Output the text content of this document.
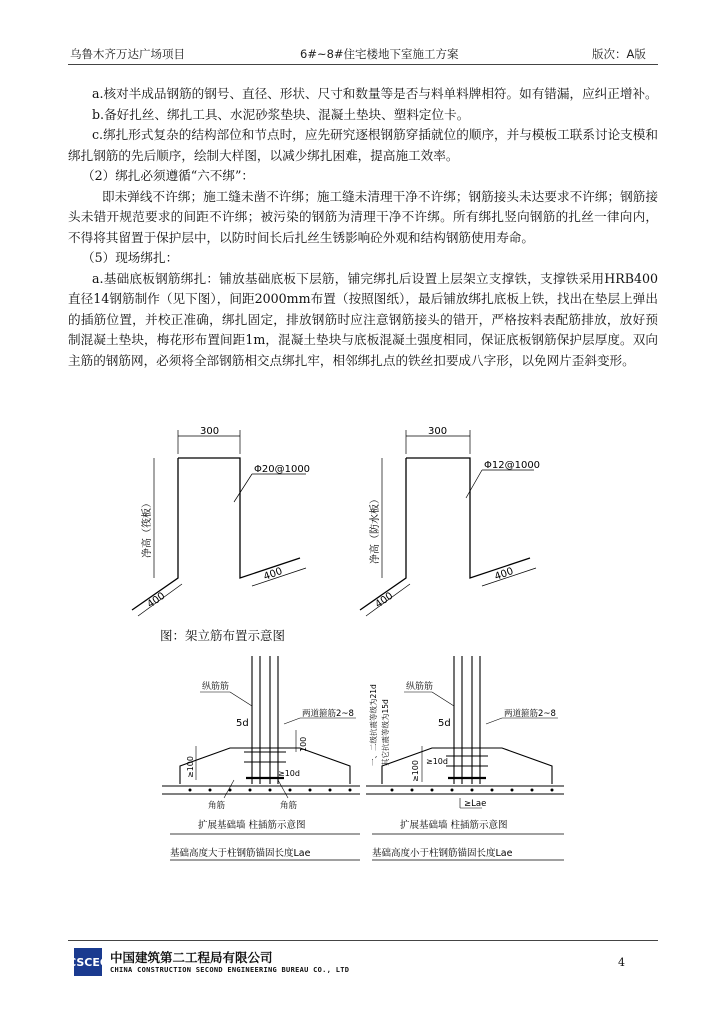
乌鲁木齐万达广场项目	6#~8#住宅楼地下室施工方案	版次：A版

a.核对半成品钢筋的钢号、直径、形状、尺寸和数量等是否与料单料牌相符。如有错漏，应纠正增补。

b.备好扎丝、绑扎工具、水泥砂浆垫块、混凝土垫块、塑料定位卡。

c.绑扎形式复杂的结构部位和节点时，应先研究逐根钢筋穿插就位的顺序，并与模板工联系讨论支模和绑扎钢筋的先后顺序，绘制大样图，以减少绑扎困难，提高施工效率。

（2）绑扎必须遵循“六不绑”：

即未弹线不许绑；施工缝未凿不许绑；施工缝未清理干净不许绑；钢筋接头未达要求不许绑；钢筋接头未错开规范要求的间距不许绑；被污染的钢筋为清理干净不许绑。所有绑扎竖向钢筋的扎丝一律向内，不得将其留置于保护层中，以防时间长后扎丝生锈影响砼外观和结构钢筋使用寿命。

（5）现场绑扎：

a.基础底板钢筋绑扎：铺放基础底板下层筋，铺完绑扎后设置上层架立支撑铁，支撑铁采用HRB400直径14钢筋制作（见下图），间距2000mm布置（按照图纸），最后铺放绑扎底板上铁，找出在垫层上弹出的插筋位置，并校正准确，绑扎固定，排放钢筋时应注意钢筋接头的错开，严格按料表配筋排放，放好预制混凝土垫块，梅花形布置间距1m，混凝土垫块与底板混凝土强度相同，保证底板钢筋保护层厚度。双向主筋的钢筋网，必须将全部钢筋相交点绑扎牢，相邻绑扎点的铁丝扣要成八字形，以免网片歪斜变形。

300
Φ20@1000
净高（筏板）
400
400
300
Φ12@1000
净高（防水板）
400
400
图：架立筋布置示意图
纵筋筋
两道箍筋2~8
5d
≥100
100
≥10d
角筋	角筋
扩展基础墙 柱插筋示意图
基础高度大于柱钢筋锚固长度Lae
纵筋筋
两道箍筋2~8
5d
一、二级抗震等级为21d 其它抗震等级为15d
≥100 ≥10d
≥Lae
扩展基础墙 柱插筋示意图
基础高度小于柱钢筋锚固长度Lae
CSCEC 中国建筑第二工程局有限公司
CHINA CONSTRUCTION SECOND ENGINEERING BUREAU CO., LTD
4
